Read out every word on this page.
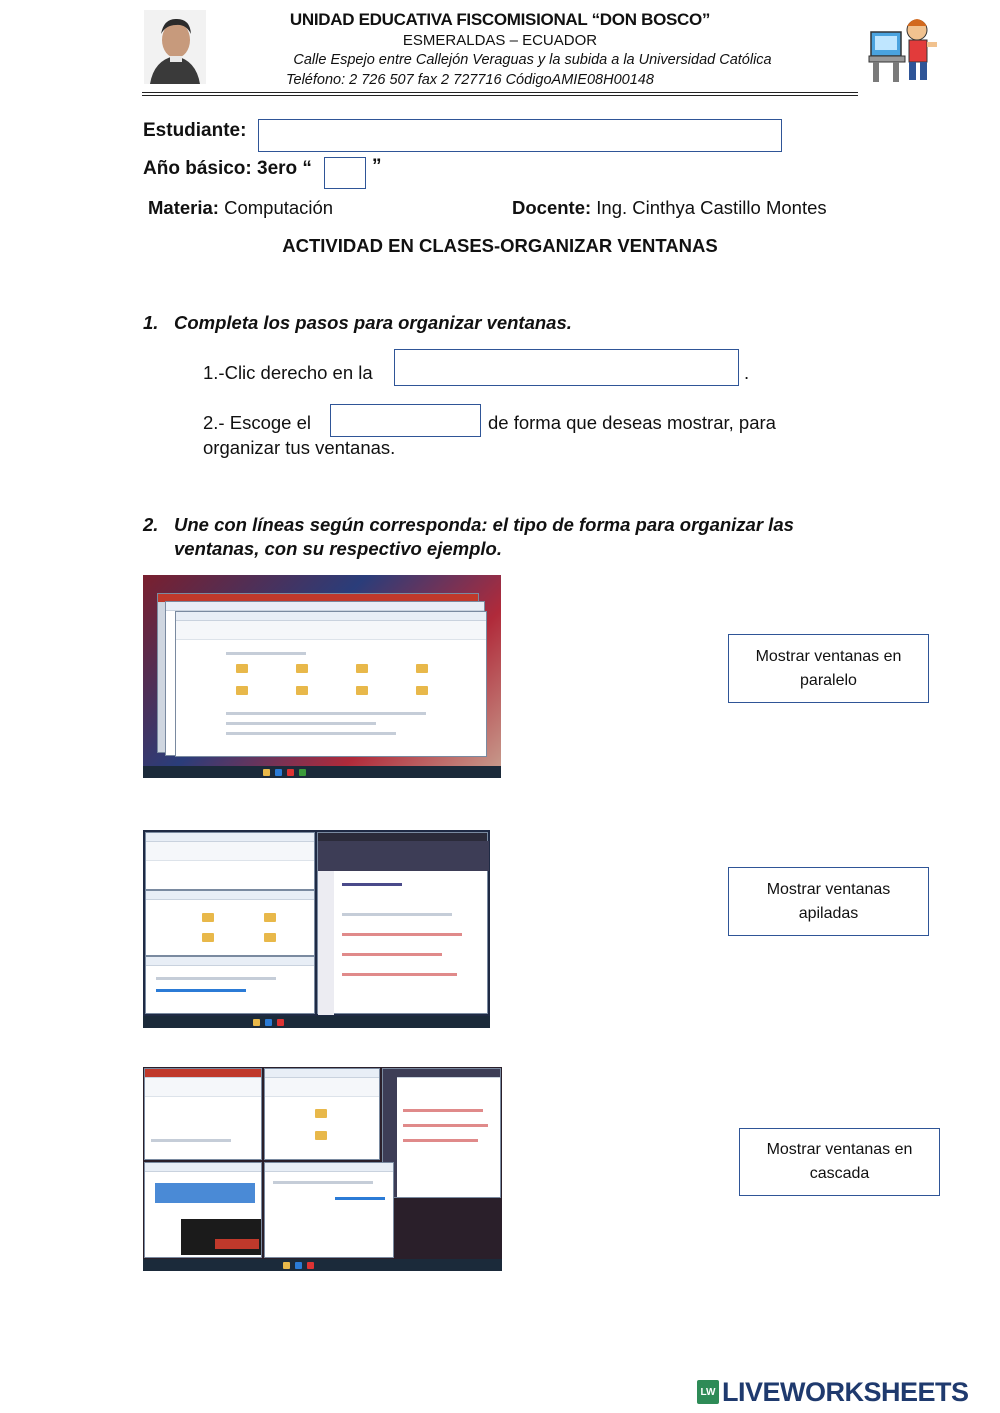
UNIDAD EDUCATIVA FISCOMISIONAL “DON BOSCO”
ESMERALDAS – ECUADOR
Calle Espejo entre Callejón Veraguas y la subida a la Universidad Católica
Teléfono: 2 726 507 fax 2 727716 CódigoAMIE08H00148
Estudiante:
Año básico: 3ero “	”
Materia: Computación	Docente: Ing. Cinthya Castillo Montes
ACTIVIDAD EN CLASES-ORGANIZAR VENTANAS
1. Completa los pasos para organizar ventanas.
1.-Clic derecho en la	.
2.- Escoge el	de forma que deseas mostrar, para
organizar tus ventanas.
2. Une con líneas según corresponda: el tipo de forma para organizar las
ventanas, con su respectivo ejemplo.
Mostrar ventanas en
paralelo
Mostrar ventanas
apiladas
Mostrar ventanas en
cascada
LW LIVEWORKSHEETS
